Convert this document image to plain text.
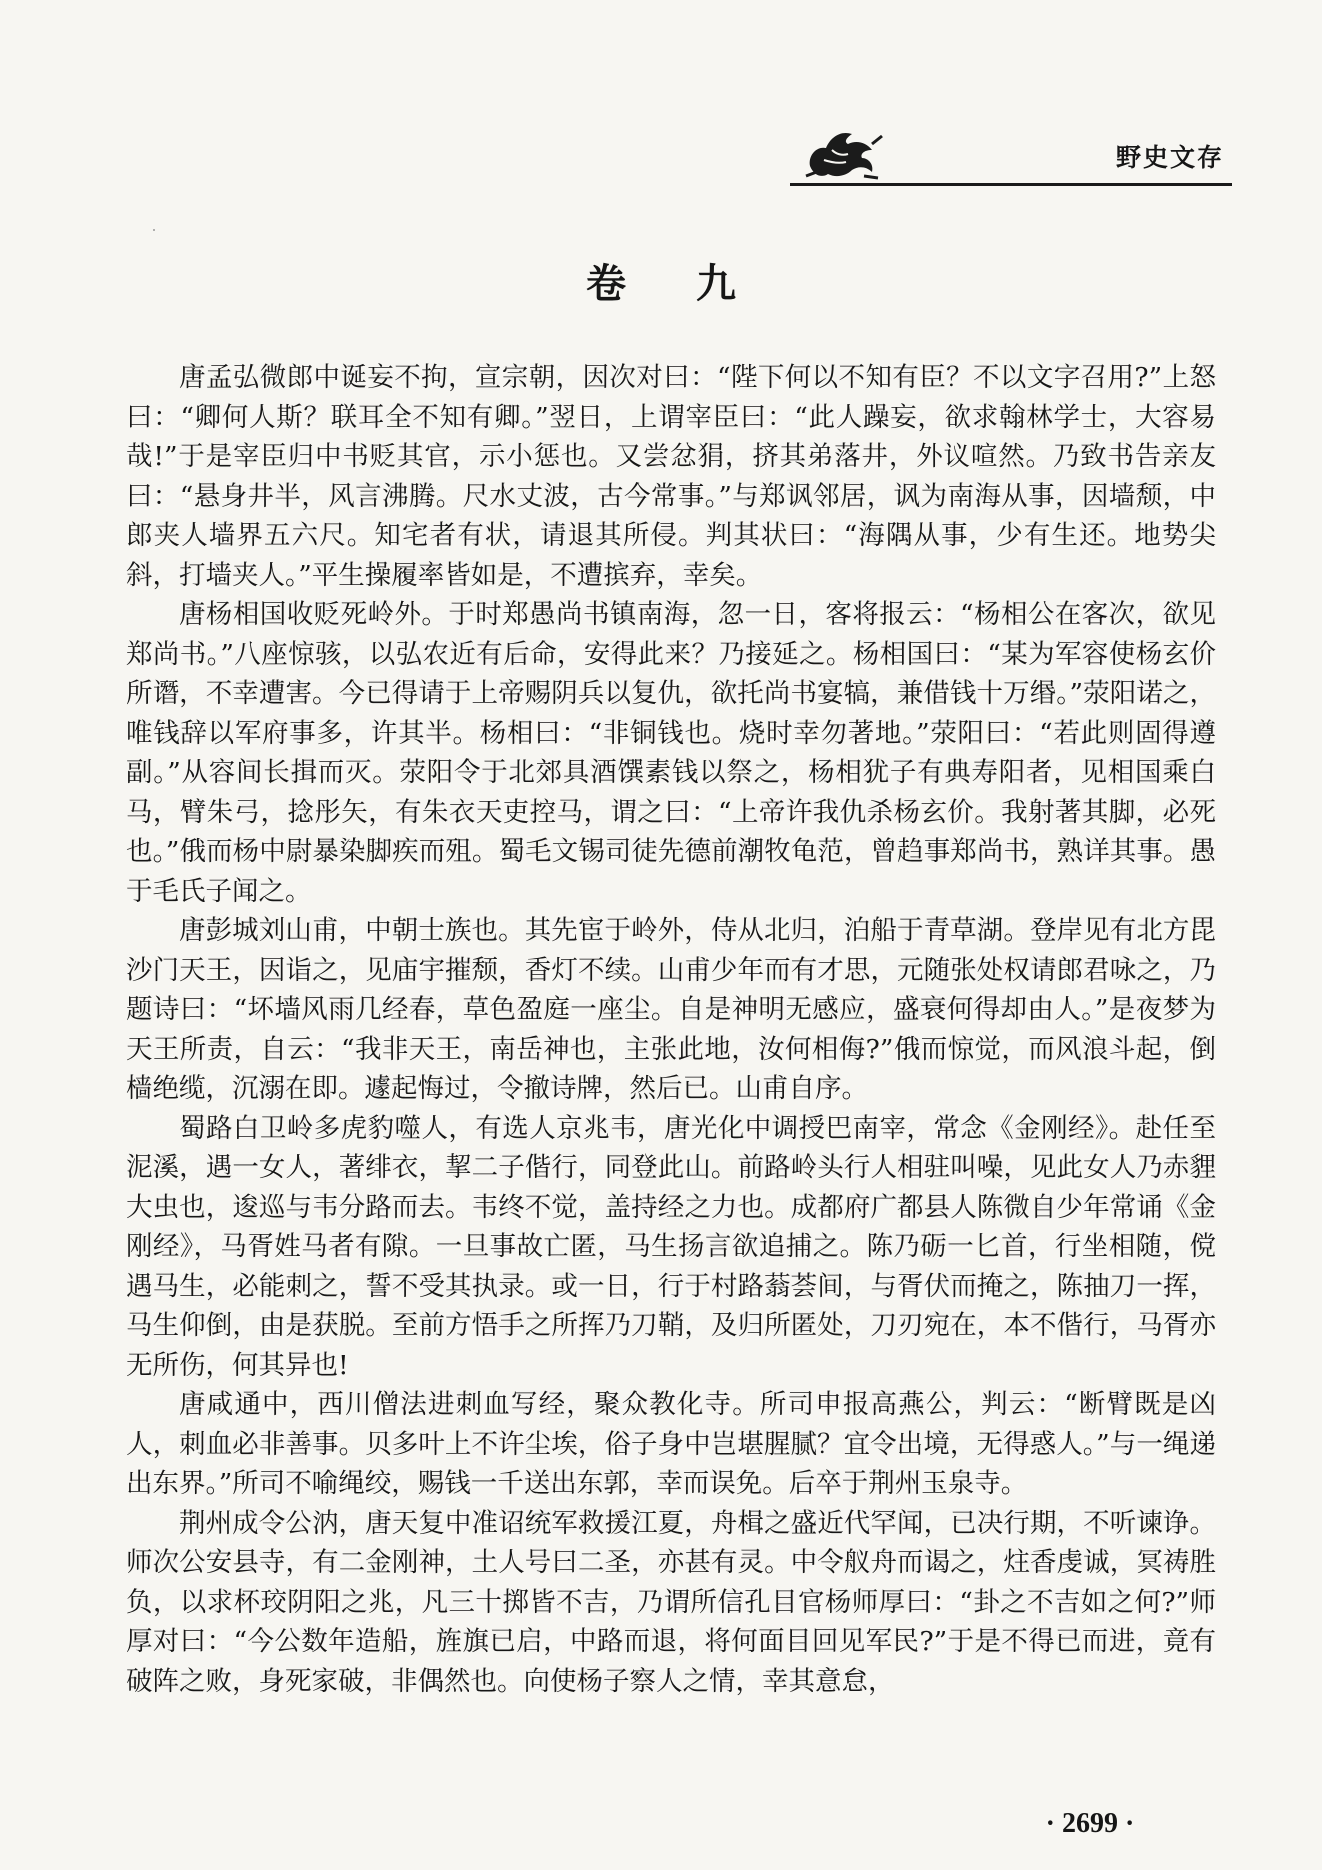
野史文存
卷 九

唐孟弘微郎中诞妄不拘，宣宗朝，因次对曰：“陛下何以不知有臣？不以文字召用?”上怒曰：“卿何人斯？联耳全不知有卿。”翌日，上谓宰臣曰：“此人躁妄，欲求翰林学士，大容易哉!”于是宰臣归中书贬其官，示小惩也。又尝忿狷，挤其弟落井，外议喧然。乃致书告亲友曰：“悬身井半，风言沸腾。尺水丈波，古今常事。”与郑讽邻居，讽为南海从事，因墙颓，中郎夹人墙界五六尺。知宅者有状，请退其所侵。判其状曰：“海隅从事，少有生还。地势尖斜，打墙夹人。”平生操履率皆如是，不遭摈弃，幸矣。

唐杨相国收贬死岭外。于时郑愚尚书镇南海，忽一日，客将报云：“杨相公在客次，欲见郑尚书。”八座惊骇，以弘农近有后命，安得此来？乃接延之。杨相国曰：“某为军容使杨玄价所谮，不幸遭害。今已得请于上帝赐阴兵以复仇，欲托尚书宴犒，兼借钱十万缗。”荥阳诺之，唯钱辞以军府事多，许其半。杨相曰：“非铜钱也。烧时幸勿著地。”荥阳曰：“若此则固得遵副。”从容间长揖而灭。荥阳令于北郊具酒馔素钱以祭之，杨相犹子有典寿阳者，见相国乘白马，臂朱弓，捻彤矢，有朱衣天吏控马，谓之曰：“上帝许我仇杀杨玄价。我射著其脚，必死也。”俄而杨中尉暴染脚疾而殂。蜀毛文锡司徒先德前潮牧龟范，曾趋事郑尚书，熟详其事。愚于毛氏子闻之。

唐彭城刘山甫，中朝士族也。其先宦于岭外，侍从北归，泊船于青草湖。登岸见有北方毘沙门天王，因诣之，见庙宇摧颓，香灯不续。山甫少年而有才思，元随张处权请郎君咏之，乃题诗曰：“坏墙风雨几经春，草色盈庭一座尘。自是神明无感应，盛衰何得却由人。”是夜梦为天王所责，自云：“我非天王，南岳神也，主张此地，汝何相侮?”俄而惊觉，而风浪斗起，倒樯绝缆，沉溺在即。遽起悔过，令撤诗牌，然后已。山甫自序。

蜀路白卫岭多虎豹噬人，有选人京兆韦，唐光化中调授巴南宰，常念《金刚经》。赴任至泥溪，遇一女人，著绯衣，挈二子偕行，同登此山。前路岭头行人相驻叫噪，见此女人乃赤貍大虫也，逡巡与韦分路而去。韦终不觉，盖持经之力也。成都府广都县人陈微自少年常诵《金刚经》，马胥姓马者有隙。一旦事故亡匿，马生扬言欲追捕之。陈乃砺一匕首，行坐相随，傥遇马生，必能刺之，誓不受其执录。或一日，行于村路蓊荟间，与胥伏而掩之，陈抽刀一挥，马生仰倒，由是获脱。至前方悟手之所挥乃刀鞘，及归所匿处，刀刃宛在，本不偕行，马胥亦无所伤，何其异也!

唐咸通中，西川僧法进刺血写经，聚众教化寺。所司申报高燕公，判云：“断臂既是凶人，刺血必非善事。贝多叶上不许尘埃，俗子身中岂堪腥腻？宜令出境，无得惑人。”与一绳递出东界。”所司不喻绳绞，赐钱一千送出东郭，幸而误免。后卒于荆州玉泉寺。

荆州成令公汭，唐天复中准诏统军救援江夏，舟楫之盛近代罕闻，已决行期，不听谏诤。师次公安县寺，有二金刚神，土人号曰二圣，亦甚有灵。中令舣舟而谒之，炷香虔诚，冥祷胜负，以求杯珓阴阳之兆，凡三十掷皆不吉，乃谓所信孔目官杨师厚曰：“卦之不吉如之何?”师厚对曰：“今公数年造船，旌旗已启，中路而退，将何面目回见军民?”于是不得已而进，竟有破阵之败，身死家破，非偶然也。向使杨子察人之情，幸其意怠，

· 2699 ·
